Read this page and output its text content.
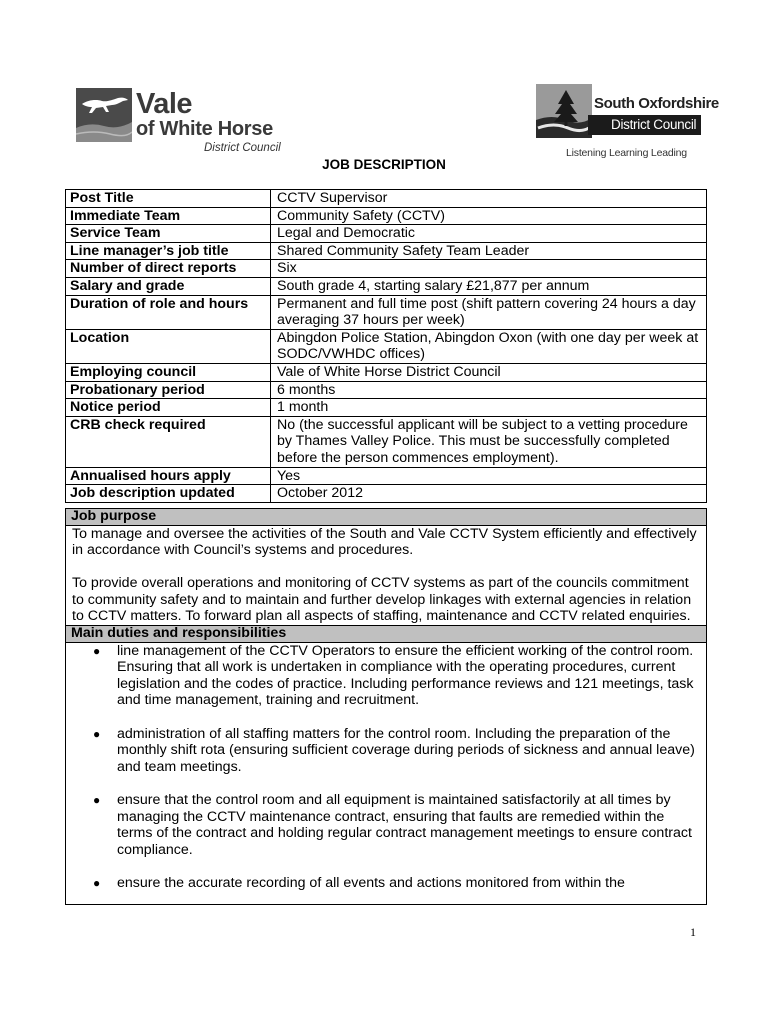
Vale
of White Horse
District Council
South Oxfordshire
District Council
Listening Learning Leading
JOB DESCRIPTION
Post Title	CCTV Supervisor
Immediate Team	Community Safety (CCTV)
Service Team	Legal and Democratic
Line manager’s job title	Shared Community Safety Team Leader
Number of direct reports	Six
Salary and grade	South grade 4, starting salary £21,877 per annum
Duration of role and hours	Permanent and full time post (shift pattern covering 24 hours a day averaging 37 hours per week)
Location	Abingdon Police Station, Abingdon Oxon (with one day per week at SODC/VWHDC offices)
Employing council	Vale of White Horse District Council
Probationary period	6 months
Notice period	1 month
CRB check required	No (the successful applicant will be subject to a vetting procedure by Thames Valley Police. This must be successfully completed before the person commences employment).
Annualised hours apply	Yes
Job description updated	October 2012
Job purpose

To manage and oversee the activities of the South and Vale CCTV System efficiently and effectively in accordance with Council’s systems and procedures.

To provide overall operations and monitoring of CCTV systems as part of the councils commitment to community safety and to maintain and further develop linkages with external agencies in relation to CCTV matters. To forward plan all aspects of staffing, maintenance and CCTV related enquiries.

Main duties and responsibilities
● line management of the CCTV Operators to ensure the efficient working of the control room. Ensuring that all work is undertaken in compliance with the operating procedures, current legislation and the codes of practice. Including performance reviews and 121 meetings, task and time management, training and recruitment.
● administration of all staffing matters for the control room. Including the preparation of the monthly shift rota (ensuring sufficient coverage during periods of sickness and annual leave) and team meetings.
● ensure that the control room and all equipment is maintained satisfactorily at all times by managing the CCTV maintenance contract, ensuring that faults are remedied within the terms of the contract and holding regular contract management meetings to ensure contract compliance.
● ensure the accurate recording of all events and actions monitored from within the
1
